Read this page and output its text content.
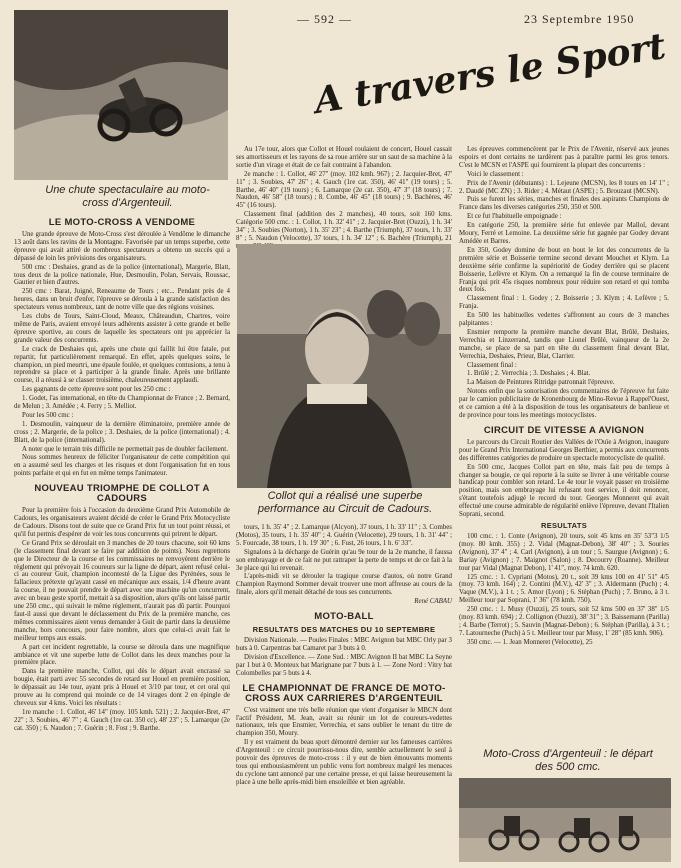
— 592 —	23 Septembre 1950
A travers le Sport
Une chute spectaculaire au moto-cross d'Argenteuil.
LE MOTO-CROSS A VENDOME

Une grande épreuve de Moto-Cross s'est déroulée à Vendôme le dimanche 13 août dans les ravins de la Montagne. Favorisée par un temps superbe, cette épreuve qui avait attiré de nombreux spectateurs a obtenu un succès qui a dépassé de loin les prévisions des organisateurs.

500 cmc : Deshaies, grand as de la police (international), Margerie, Blatt, tous deux de la police nationale, Hue, Desmoulin, Polan, Servais, Roussac, Gautier et bien d'autres.

250 cmc : Barat, Juigné, Reneaume de Tours ; etc... Pendant près de 4 heures, dans un bruit d'enfer, l'épreuve se déroula à la grande satisfaction des spectateurs venus nombreux, tant de notre ville que des régions voisines.

Les clubs de Tours, Saint-Cloud, Meaux, Châteaudun, Chartres, voire même de Paris, avaient envoyé leurs adhérents assister à cette grande et belle épreuve sportive, au cours de laquelle les spectateurs ont pu apprécier la grande valeur des concurrents.

Le crack de Deshaies qui, après une chute qui faillit lui être fatale, put repartir, fut particulièrement remarqué. En effet, après quelques soins, le champion, un pied meurtri, une épaule foulée, et quelques contusions, a tenu à reprendre sa place et à participer à la grande finale. Après une brillante course, il a réussi à se classer troisième, chaleureusement applaudi.

Les gagnants de cette épreuve sont pour les 250 cmc :

1. Godet, l'as international, en tête du Championnat de France ; 2. Bernard, de Melun ; 3. Amédée ; 4. Ferry ; 5. Melliot.

Pour les 500 cmc :

1. Desmoulin, vainqueur de la dernière éliminatoire, première année de cross ; 2. Margerie, de la police ; 3. Deshaies, de la police (international) ; 4. Blatt, de la police (international).

A noter que le terrain très difficile ne permettait pas de doubler facilement.

Nous sommes heureux de féliciter l'organisateur de cette compétition qui en a assumé seul les charges et les risques et dont l'organisation fut en tous points parfaite et qui en fut en même temps l'animateur.

NOUVEAU TRIOMPHE DE COLLOT A CADOURS

Pour la première fois à l'occasion du deuxième Grand Prix Automobile de Cadours, les organisateurs avaient décidé de créer le Grand Prix Motocycliste de Cadours. Disons tout de suite que ce Grand Prix fut un tout point réussi, et qu'il fut permis d'espérer de voir les tous concurrents qui prirent le départ.

Ce Grand Prix se déroulait en 3 manches de 20 tours chacune, soit 60 kms (le classement final devant se faire par addition de points). Nous regrettons que le Directeur de la course et les commissaires ne renvoyèrent derrière le règlement qui prévoyait 16 coureurs sur la ligne de départ, aient refusé celui-ci au coureur Guit, champion incontesté de la Ligue des Pyrénées, sous le fallacieux prétexte qu'ayant cassé en mécanique aux essais, 1/4 d'heure avant la course, il ne pouvait prendre le départ avec une machine qu'un concurrent, avec un beau geste sportif, mettait à sa disposition, alors qu'ils ont laissé partir une 250 cmc., qui suivait le même règlement, n'aurait pas dû partir. Pourquoi faut-il aussi que devant le déclassement du Prix de la première manche, ces mêmes commissaires aient venus demander à Guit de partir dans la deuxième manche, hors concours, pour faire nombre, alors que celui-ci avait fait le meilleur temps aux essais.

A part cet incident regrettable, la course se déroula dans une magnifique ambiance et vit une superbe lutte de Collot dans les deux manches pour la première place.

Dans la première manche, Collot, qui dès le départ avait encrassé sa bougie, était parti avec 55 secondes de retard sur Houel en première position, le dépassait au 14e tour, ayant pris à Houel et 3/10 par tour, et cet oral qui prouve au lu comprend qui moinde ce de 14 virages dont 2 en épingle de cheveux sur 4 kms. Voici les résultats :

1re manche : 1. Collot, 46' 14" (moy. 105 kmh. 521) ; 2. Jacquier-Bret, 47' 22" ; 3. Soubies, 46' 7" ; 4. Gauch (1re cat. 350 cc), 48' 23" ; 5. Lamarque (2e cat. 350) ; 6. Naudon ; 7. Guérin ; 8. Fost ; 9. Barthe.

Au 17e tour, alors que Collot et Houel roulaient de concert, Houel cassait ses amortisseurs et les rayons de sa roue arrière sur un saut de sa machine à la sortie d'un virage et était de ce fait contraint à l'abandon.

2e manche : 1. Collot, 46' 27" (moy. 102 kmh. 967) ; 2. Jacquier-Bret, 47' 11" ; 3. Soubies, 47' 26" ; 4. Gauch (1re cat. 350), 46' 41" (19 tours) ; 5. Barthe, 46' 40" (19 tours) ; 6. Lamarque (2e cat. 350), 47' 3" (18 tours) ; 7. Naudon, 46' 58" (18 tours) ; 8. Combe, 46' 45" (18 tours) ; 9. Bachères, 46' 45" (16 tours).

Classement final (addition des 2 manches), 40 tours, soit 160 kms. Catégorie 500 cmc. : 1. Collot, 1 h. 32' 41" ; 2. Jacquier-Bret (Ouzzi), 1 h. 34' 34" ; 3. Soubies (Norton), 1 h. 35' 23" ; 4. Barthe (Triumph), 37 tours, 1 h. 33' 8" ; 5. Naudon (Velocette), 37 tours, 1 h. 34' 12" ; 6. Bachère (Triumph), 21

Collot qui a réalisé une superbe performance au Circuit de Cadours.

tours, 1 h. 35' 4" ; 2. Lamarque (Alcyon), 37 tours, 1 h. 33' 11" ; 3. Combes (Motos), 35 tours, 1 h. 35' 40" ; 4. Guérin (Velocette), 29 tours, 1 h. 31' 44" ; 5. Fourcade, 38 tours, 1 h. 19' 30" ; 6. Fust, 26 tours, 1 h. 6' 33".

Signalons à la décharge de Guérin qu'au 9e tour de la 2e manche, il faussa son embrayage et de ce fait ne put rattraper la perte de temps et de ce fait à la 3e place qui lui revenait.

L'après-midi vit se dérouler la tragique course d'autos, où notre Grand Champion Raymond Sommer devait trouver une mort affreuse au cours de la finale, alors qu'il menait détaché de tous ses concurrents.

René CABAU
MOTO-BALL
RESULTATS DES MATCHES DU 10 SEPTEMBRE

Division Nationale. — Poules Finales : MBC Avignon bat MBC Orly par 3 buts à 0. Carpentras bat Camaret par 3 buts à 0.

Division d'Excellence. — Zone Sud. : MBC Avignon II bat MBC La Seyne par 1 but à 0. Monteux bat Marignane par 7 buts à 1. — Zone Nord : Vitry bat Colombelles par 5 buts à 4.

LE CHAMPIONNAT DE FRANCE DE MOTO-CROSS AUX CARRIERES D'ARGENTEUIL

C'est vraiment une très belle réunion que vient d'organiser le MBCN dont l'actif Président, M. Jean, avait su réunir un lot de coureurs-vedettes nationaux, tels que Ensmier, Verrechia, et sans oublier le tenant du titre de champion 350, Moury.

Il y est vraiment du beau sport démontré dernier sur les fameuses carrières d'Argenteuil : ce circuit pourrissu-nous dire, semble actuellement le seul à pouvoir des épreuves de moto-cross : il y eut de bien émouvants moments tous qui enthousiasmèrent un public venu fort nombreux malgré les menaces du cyclone tant annoncé par une certaine presse, et qui laisse heureusement la place à une belle après-midi bien ensoleillée et bien agréable.

Les épreuves commencèrent par le Prix de l'Avenir, réservé aux jeunes espoirs et dont certains ne tardèrent pas à paraître parmi les gros tenors. C'est le MCSN et l'ASPE qui fournirent la plupart des concurrents :

Voici le classement :

Prix de l'Avenir (débutants) : 1. Lejeune (MCSN), les 8 tours en 14' 1" ; 2. Daudé (MC ZN) ; 3. Rider ; 4. Métaut (ASPE) ; 5. Brouzaut (MCSN).

Puis se furent les séries, manches et finales des aspirants Champions de France dans les diverses catégories 250, 350 et 500.

Et ce fut l'habituelle empoignade :

En catégorie 250, la première série fut enlevée par Mallol, devant Moury, Ferré et Lemoine. La deuxième série fut gagnée par Godey devant Amédée et Barres.

En 350, Godey domine de bout en bout le lot des concurrents de la première série et Boisserie termine second devant Mouchet et Klym. La deuxième série confirme la supériorité de Godey derrière qui se placent Boisserie, Lefèvre et Klym. On a remarqué la fin de course terminaire de Franja qui prit 45s risques nombreux pour réduire son retard et qui tomba deux fois.

Classement final : 1. Godey ; 2. Boisserie ; 3. Klym ; 4. Lefèvre ; 5. Franja.

En 500 les habituelles vedettes s'affrontent au cours de 3 manches palpitantes :

Ensmier remporte la première manche devant Blat, Brûlé, Deshaies, Verrechia et Linzerrand, tandis que Lionel Brûlé, vainqueur de la 2e manche, se place de sa part en tête du classement final devant Blat, Verrechia, Deshaies, Prieur, Blat, Clarrier.

Classement final :

1. Brûlé ; 2. Verrechia ; 3. Deshaies ; 4. Blat.

La Maison de Peintures Ritridge patronnait l'épreuve.

Notons enfin que la sonorisation des commentaires de l'épreuve fut faite par le camion publicitaire de Kronenbourg de Mino-Revue à Rappel'Ouest, et ce camion a été à la disposition de tous les organisateurs de banlieue et de province pour tous les meetings motocyclistes.

CIRCUIT DE VITESSE A AVIGNON

Le parcours du Circuit Routier des Vallées de l'Ouïe à Avignon, inaugure pour le Grand Prix International Georges Berthier, a permis aux concurrents des différentes catégories de produire un spectacle motocycliste de qualité.

En 500 cmc, Jacques Collot part en tête, mais fait peu de temps à changer sa bougie, ce qui reporte à la suite se livrer à une véritable course handicap pour combler son retard. Le 4e tour le voyait passer en troisième position, mais son embrayage lui refusant tout service, il doit renoncer, s'étant toutefois adjugé le record du tour. Georges Monneret qui avait effectué une course admirable de régularité enlève l'épreuve, devant l'Italien Soprani, second.

RESULTATS

100 cmc. : 1. Conte (Avignon), 20 tours, soit 45 kms en 35' 53"3 1/5 (moy. 80 kmh. 355) ; 2. Vidal (Magnat-Debon), 38' 40" ; 3. Souries (Avignon), 37' 4" ; 4. Carl (Avignon), à un tour ; 5. Saurgue (Avignon) ; 6. Bariay (Avignon) ; 7. Maignot (Salon) ; 8. Decourry (Roanne). Meilleur tour par Vidal (Magnat Debon), 1' 41", moy. 74 kmh. 620.

125 cmc. : 1. Cypriani (Motos), 20 t., soit 39 kms 100 en 41' 51" 4/5 (moy. 73 kmh. 164) ; 2. Contini (M.V.), 42' 3" ; 3. Aldermann (Puch) ; 4. Vaque (M.V.), à 1 t. ; 5. Amor (Lyon) ; 6. Stéphan (Puch) ; 7. Bruno, à 3 t. Meilleur tour par Soprani, 1' 36" (78 kmh. 750).

250 cmc. : 1. Musy (Ouzzi), 25 tours, soit 52 kms 500 en 37' 38" 1/5 (moy. 83 kmh. 694) ; 2. Collignon (Ouzzi), 38' 31" ; 3. Baissemann (Parilla) ; 4. Barbe (Terrot) ; 5. Sauvin (Magnat-Debon) ; 6. Stéphan (Parilla), à 3 t. ; 7. Latourneche (Puch) à 5 t. Meilleur tour par Musy, 1' 28" (85 kmh. 906).

350 cmc. — 1. Jean Monneret (Velocette), 25

Moto-Cross d'Argenteuil : le départ des 500 cmc.
